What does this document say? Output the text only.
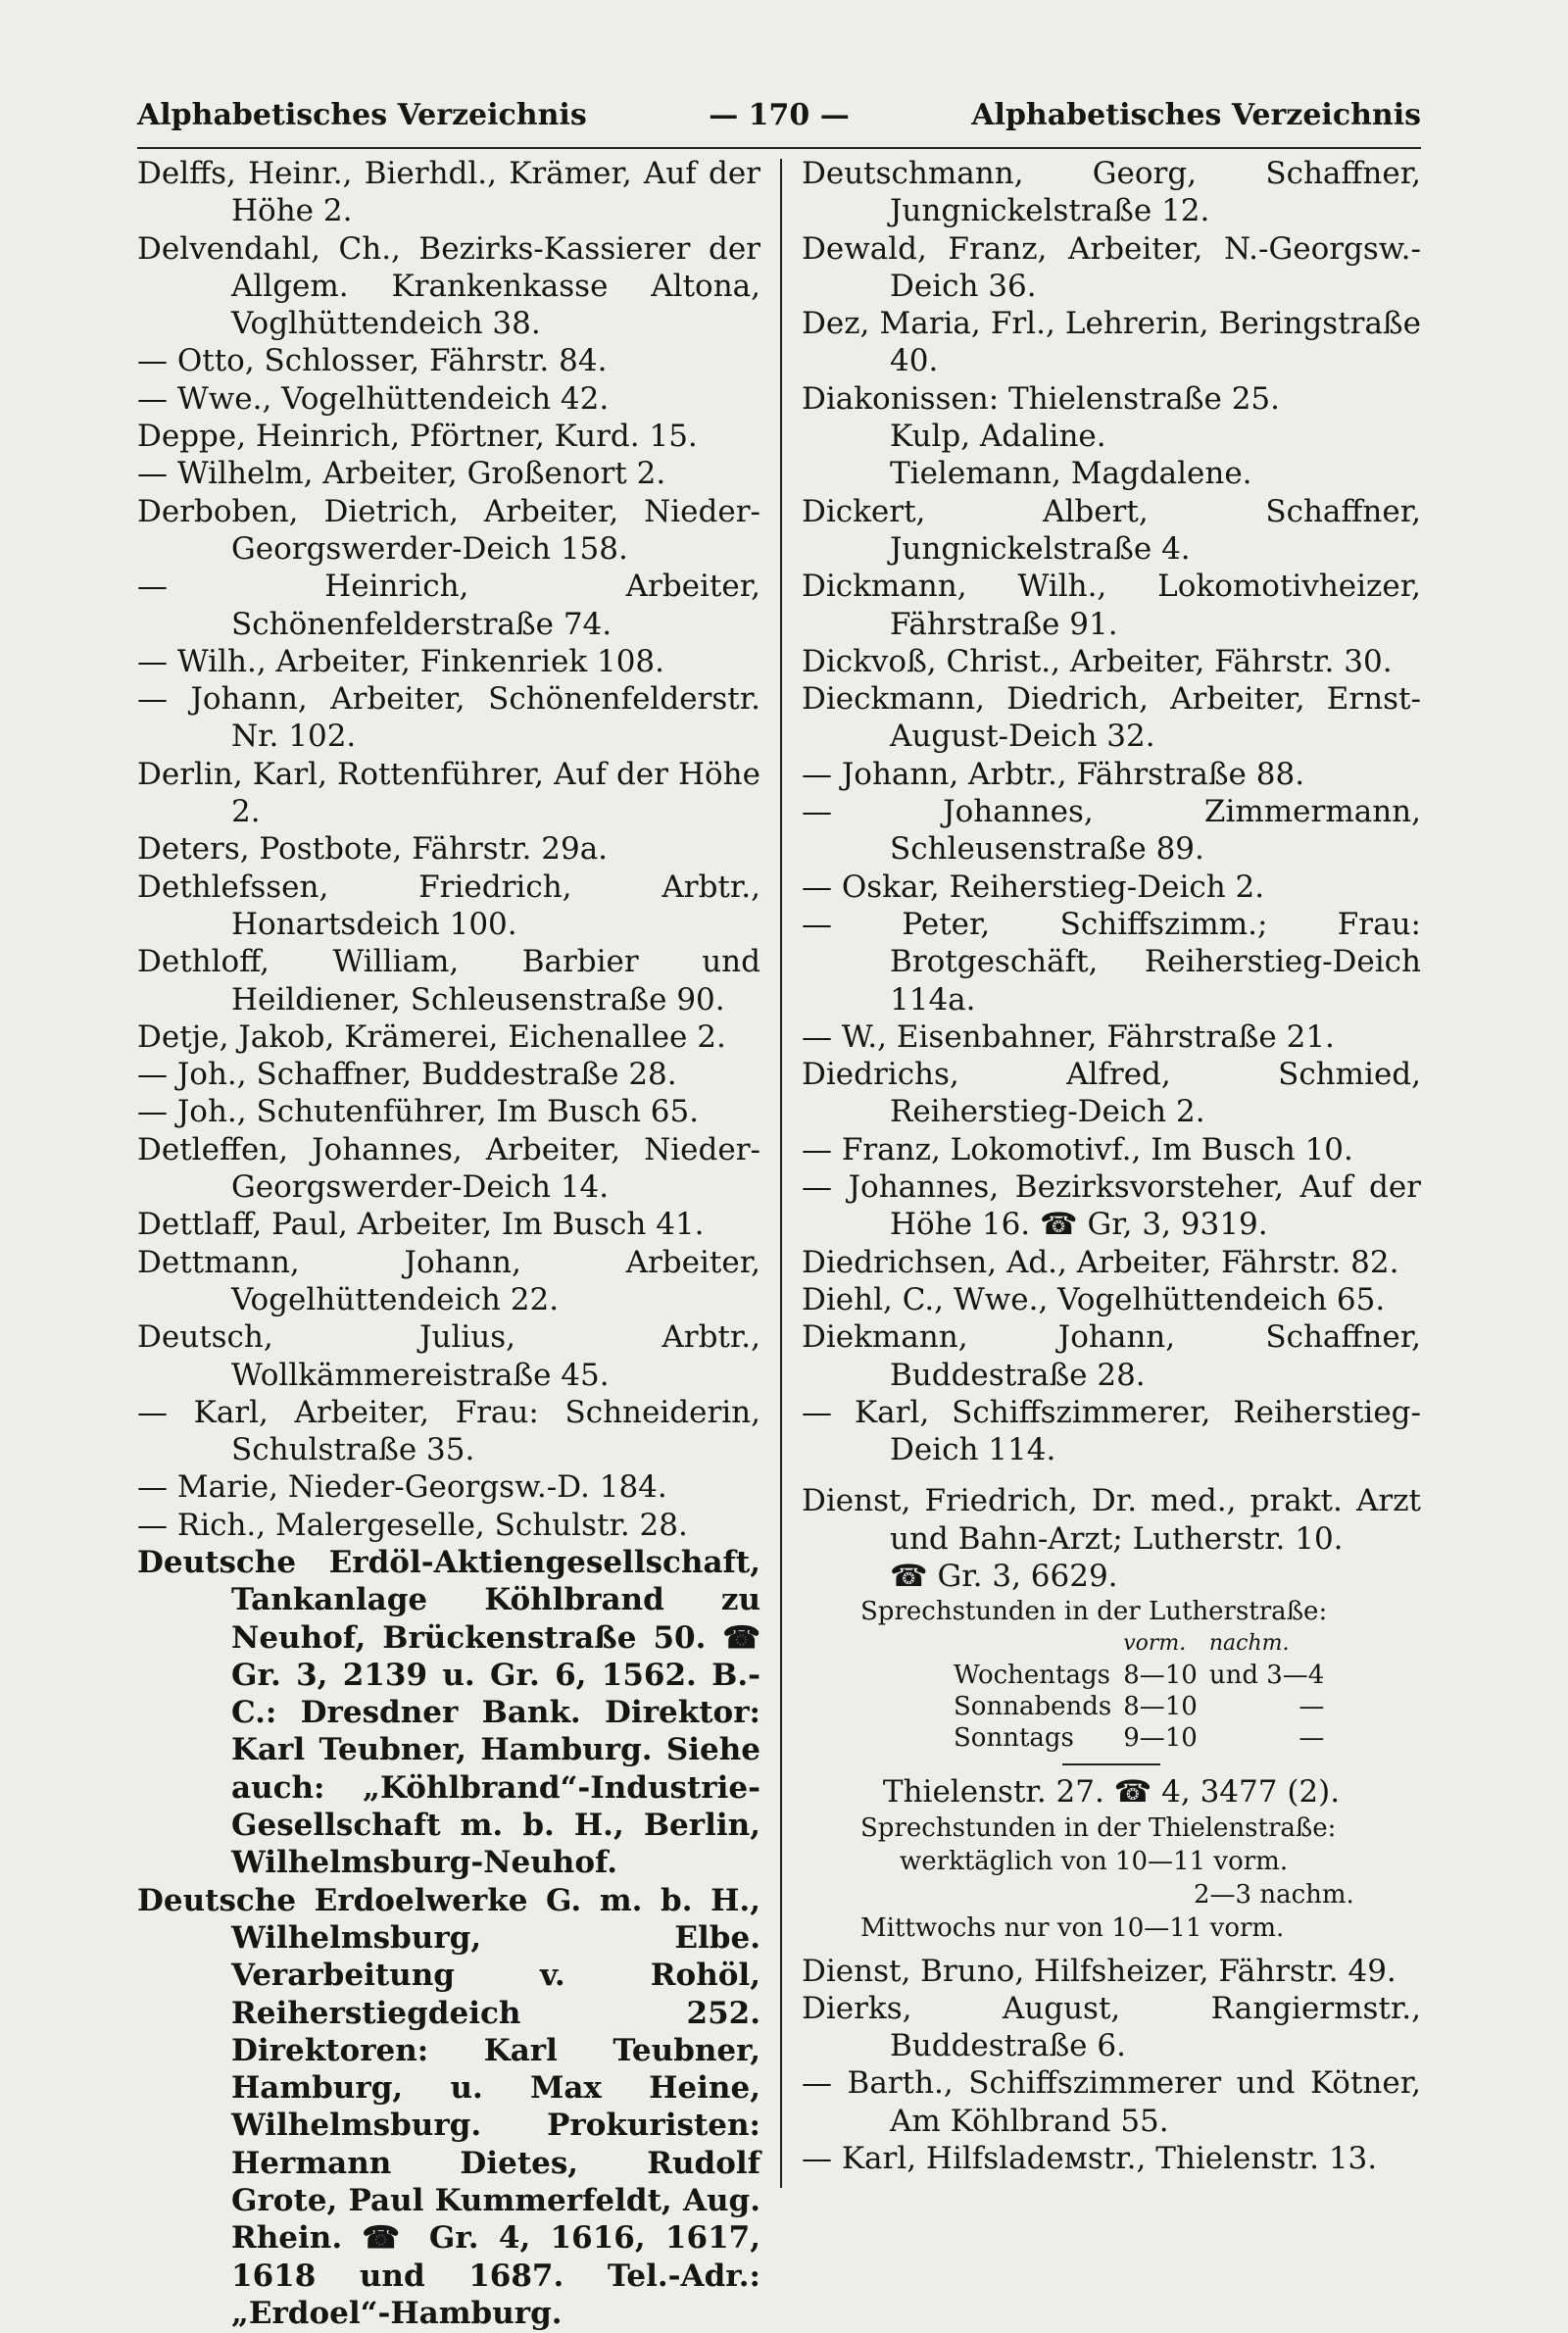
Alphabetisches Verzeichnis	— 170 —	Alphabetisches Verzeichnis
Delffs, Heinr., Bierhdl., Krämer, Auf der Höhe 2.
Delvendahl, Ch., Bezirks-Kassierer der Allgem. Krankenkasse Altona, Voglhüttendeich 38.
— Otto, Schlosser, Fährstr. 84.
— Wwe., Vogelhüttendeich 42.
Deppe, Heinrich, Pförtner, Kurd. 15.
— Wilhelm, Arbeiter, Großenort 2.
Derboben, Dietrich, Arbeiter, Nieder-Georgswerder-Deich 158.
— Heinrich, Arbeiter, Schönenfelderstraße 74.
— Wilh., Arbeiter, Finkenriek 108.
— Johann, Arbeiter, Schönenfelderstr. Nr. 102.
Derlin, Karl, Rottenführer, Auf der Höhe 2.
Deters, Postbote, Fährstr. 29a.
Dethlefssen, Friedrich, Arbtr., Honartsdeich 100.
Dethloff, William, Barbier und Heildiener, Schleusenstraße 90.
Detje, Jakob, Krämerei, Eichenallee 2.
— Joh., Schaffner, Buddestraße 28.
— Joh., Schutenführer, Im Busch 65.
Detleffen, Johannes, Arbeiter, Nieder-Georgswerder-Deich 14.
Dettlaff, Paul, Arbeiter, Im Busch 41.
Dettmann, Johann, Arbeiter, Vogelhüttendeich 22.
Deutsch, Julius, Arbtr., Wollkämmereistraße 45.
— Karl, Arbeiter, Frau: Schneiderin, Schulstraße 35.
— Marie, Nieder-Georgsw.-D. 184.
— Rich., Malergeselle, Schulstr. 28.
Deutsche Erdöl-Aktiengesellschaft, Tankanlage Köhlbrand zu Neuhof, Brückenstraße 50. ☎ Gr. 3, 2139 u. Gr. 6, 1562. B.-C.: Dresdner Bank. Direktor: Karl Teubner, Hamburg. Siehe auch: „Köhlbrand“-Industrie-Gesellschaft m. b. H., Berlin, Wilhelmsburg-Neuhof.
Deutsche Erdoelwerke G. m. b. H., Wilhelmsburg, Elbe. Verarbeitung v. Rohöl, Reiherstiegdeich 252. Direktoren: Karl Teubner, Hamburg, u. Max Heine, Wilhelmsburg. Prokuristen: Hermann Dietes, Rudolf Grote, Paul Kummerfeldt, Aug. Rhein. ☎ Gr. 4, 1616, 1617, 1618 und 1687. Tel.-Adr.: „Erdoel“-Hamburg.
Deutschmann, Georg, Schaffner, Jungnickelstraße 12.
Dewald, Franz, Arbeiter, N.-Georgsw.-Deich 36.
Dez, Maria, Frl., Lehrerin, Beringstraße 40.
Diakonissen: Thielenstraße 25.
Kulp, Adaline.
Tielemann, Magdalene.
Dickert, Albert, Schaffner, Jungnickelstraße 4.
Dickmann, Wilh., Lokomotivheizer, Fährstraße 91.
Dickvoß, Christ., Arbeiter, Fährstr. 30.
Dieckmann, Diedrich, Arbeiter, Ernst-August-Deich 32.
— Johann, Arbtr., Fährstraße 88.
— Johannes, Zimmermann, Schleusenstraße 89.
— Oskar, Reiherstieg-Deich 2.
— Peter, Schiffszimm.; Frau: Brotgeschäft, Reiherstieg-Deich 114a.
— W., Eisenbahner, Fährstraße 21.
Diedrichs, Alfred, Schmied, Reiherstieg-Deich 2.
— Franz, Lokomotivf., Im Busch 10.
— Johannes, Bezirksvorsteher, Auf der Höhe 16. ☎ Gr, 3, 9319.
Diedrichsen, Ad., Arbeiter, Fährstr. 82.
Diehl, C., Wwe., Vogelhüttendeich 65.
Diekmann, Johann, Schaffner, Buddestraße 28.
— Karl, Schiffszimmerer, Reiherstieg-Deich 114.
Dienst, Friedrich, Dr. med., prakt. Arzt und Bahn-Arzt; Lutherstr. 10.
☎ Gr. 3, 6629.
Sprechstunden in der Lutherstraße:
	vorm.	nachm.
Wochentags	8—10	und 3—4
Sonnabends	8—10	—
Sonntags	9—10	—
Thielenstr. 27. ☎ 4, 3477 (2).
Sprechstunden in der Thielenstraße:
werktäglich von 10—11 vorm.
2—3 nachm.
Mittwochs nur von 10—11 vorm.
Dienst, Bruno, Hilfsheizer, Fährstr. 49.
Dierks, August, Rangiermstr., Buddestraße 6.
— Barth., Schiffszimmerer und Kötner, Am Köhlbrand 55.
— Karl, Hilfsladeмstr., Thielenstr. 13.
